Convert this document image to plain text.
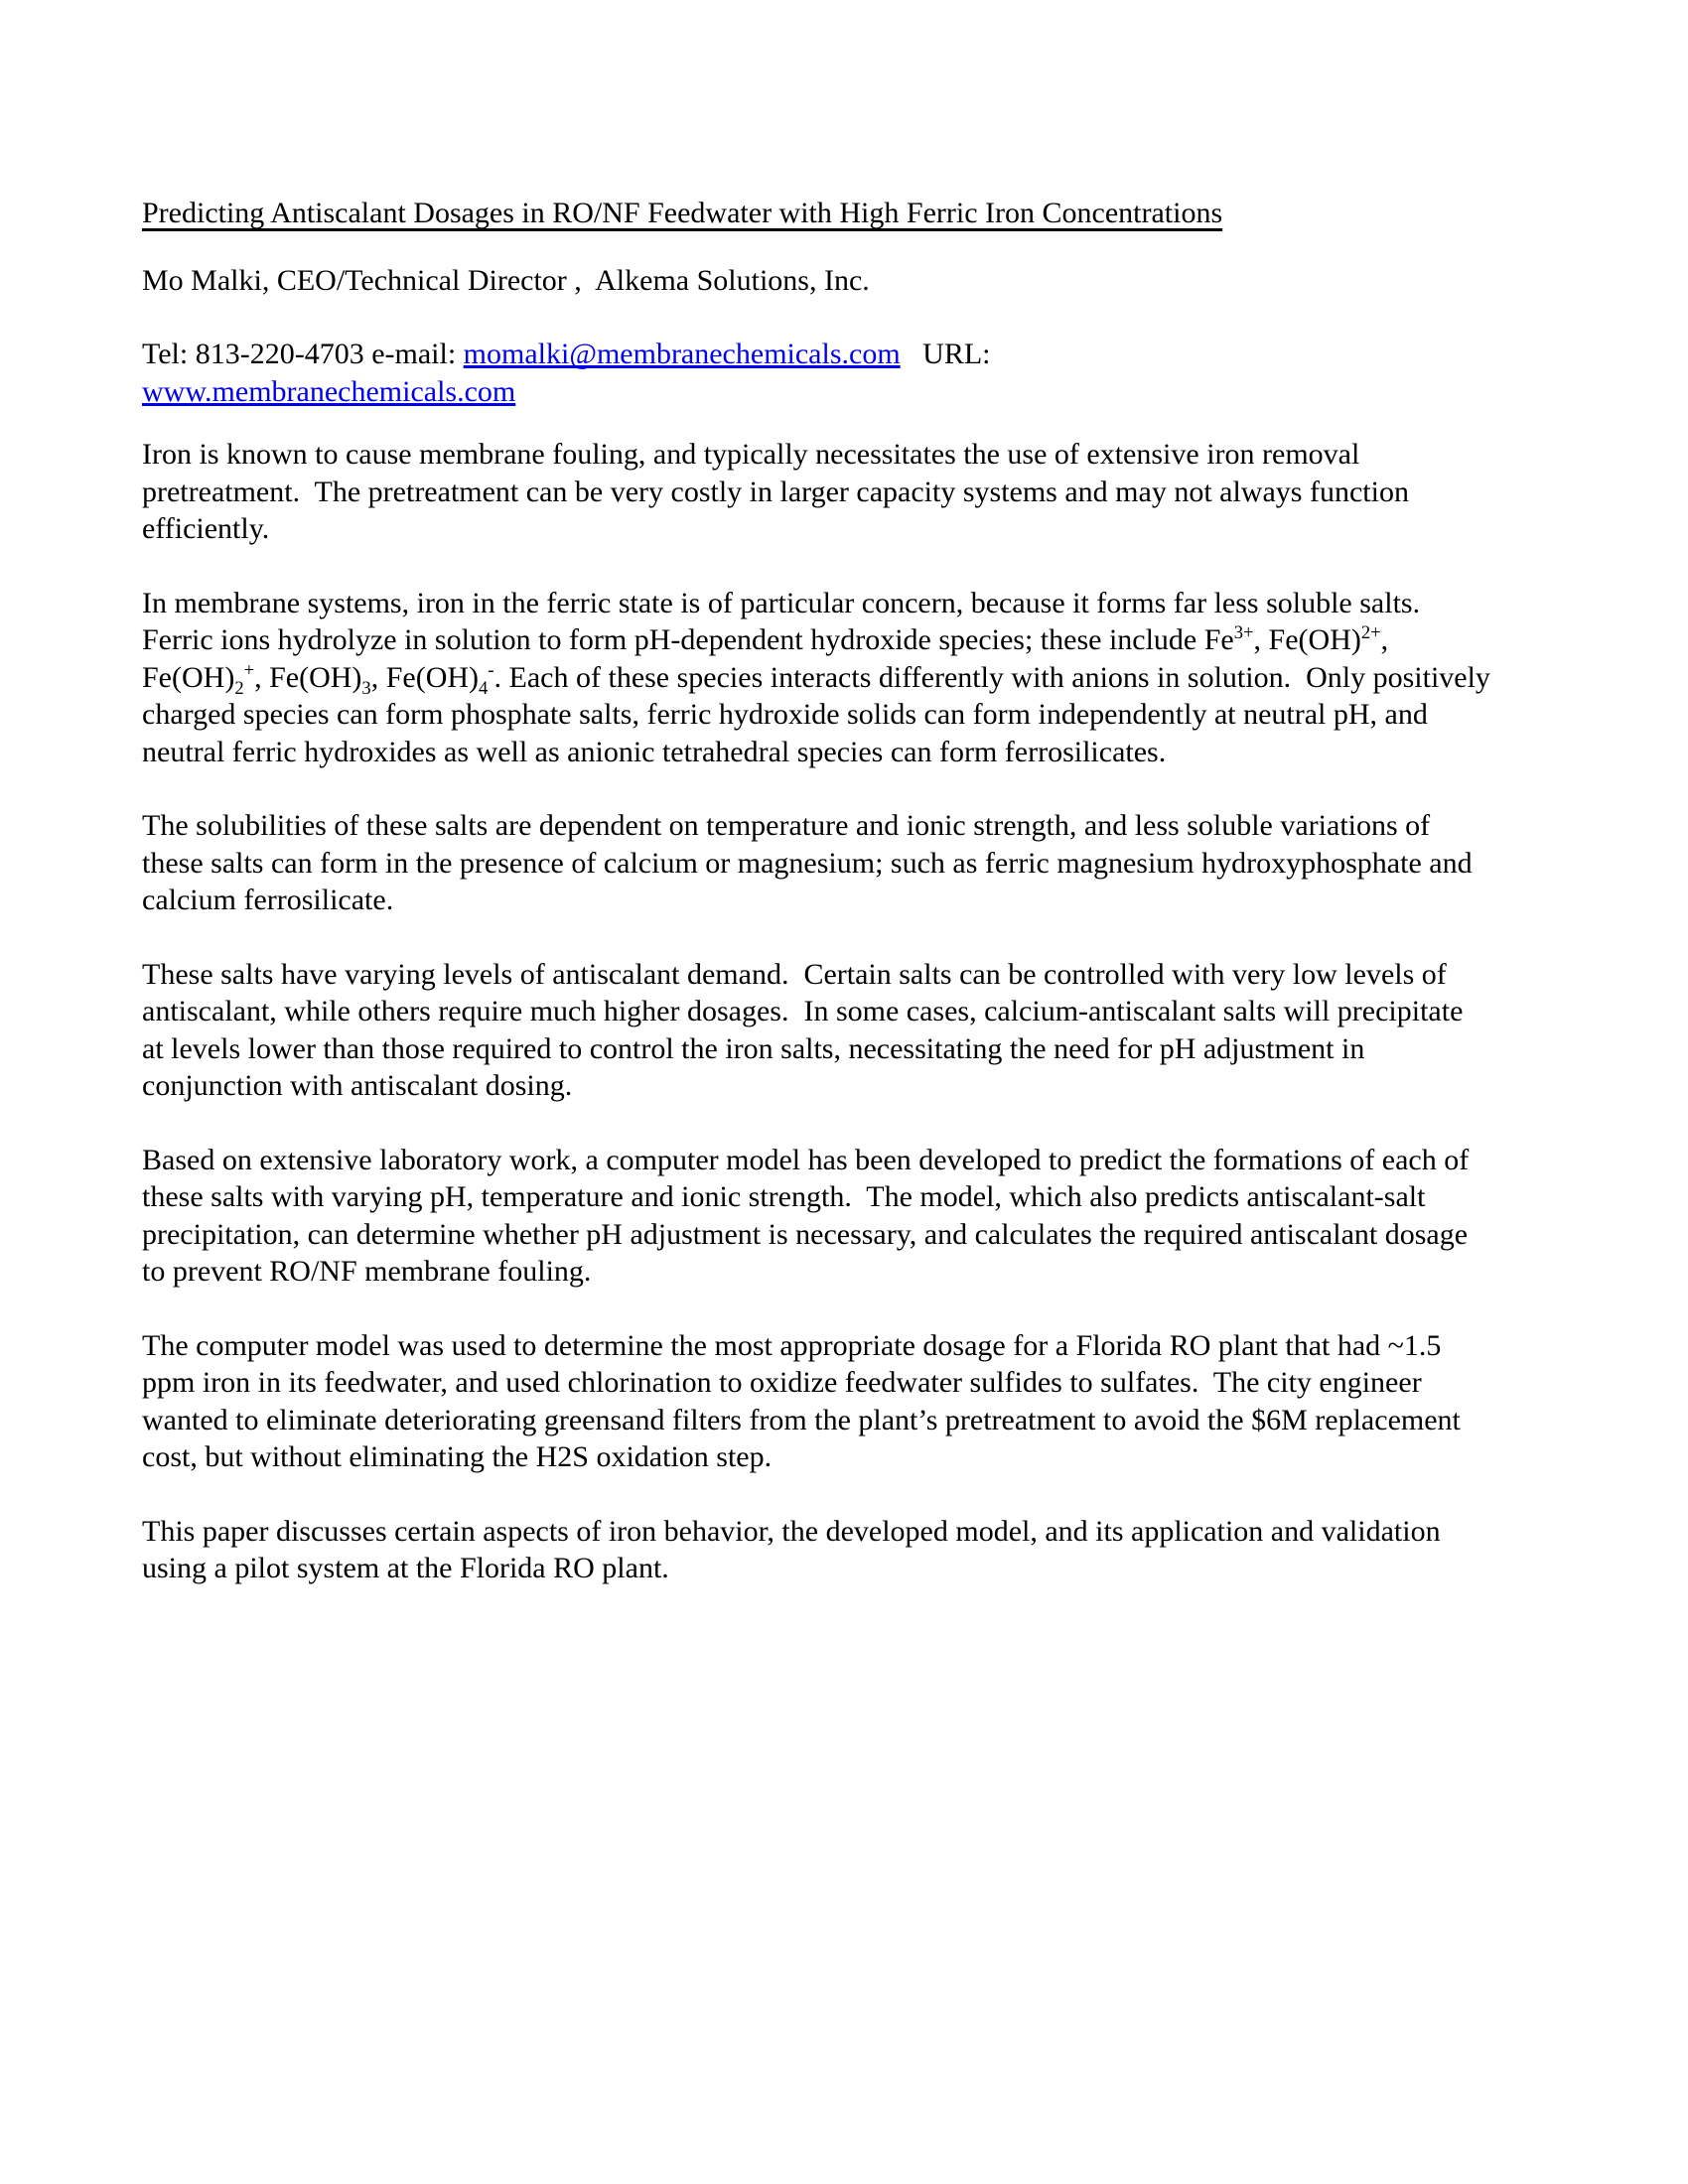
Predicting Antiscalant Dosages in RO/NF Feedwater with High Ferric Iron Concentrations

Mo Malki, CEO/Technical Director ,  Alkema Solutions, Inc.

Tel: 813-220-4703 e-mail: momalki@membranechemicals.com   URL:
www.membranechemicals.com

Iron is known to cause membrane fouling, and typically necessitates the use of extensive iron removal pretreatment.  The pretreatment can be very costly in larger capacity systems and may not always function efficiently.

In membrane systems, iron in the ferric state is of particular concern, because it forms far less soluble salts.   Ferric ions hydrolyze in solution to form pH-dependent hydroxide species; these include $Fe^{3+}$, Fe(OH)$^{2+}$, $Fe(OH)_2^+$, $Fe(OH)_3$, $Fe(OH)_4^-$. Each of these species interacts differently with anions in solution.  Only positively charged species can form phosphate salts, ferric hydroxide solids can form independently at neutral pH, and neutral ferric hydroxides as well as anionic tetrahedral species can form ferrosilicates.

The solubilities of these salts are dependent on temperature and ionic strength, and less soluble variations of these salts can form in the presence of calcium or magnesium; such as ferric magnesium hydroxyphosphate and calcium ferrosilicate.

These salts have varying levels of antiscalant demand.  Certain salts can be controlled with very low levels of antiscalant, while others require much higher dosages.  In some cases, calcium-antiscalant salts will precipitate at levels lower than those required to control the iron salts, necessitating the need for pH adjustment in conjunction with antiscalant dosing.

Based on extensive laboratory work, a computer model has been developed to predict the formations of each of these salts with varying pH, temperature and ionic strength.  The model, which also predicts antiscalant-salt precipitation, can determine whether pH adjustment is necessary, and calculates the required antiscalant dosage to prevent RO/NF membrane fouling.

The computer model was used to determine the most appropriate dosage for a Florida RO plant that had ~1.5 ppm iron in its feedwater, and used chlorination to oxidize feedwater sulfides to sulfates.  The city engineer wanted to eliminate deteriorating greensand filters from the plant’s pretreatment to avoid the $6M replacement cost, but without eliminating the H2S oxidation step.

This paper discusses certain aspects of iron behavior, the developed model, and its application and validation using a pilot system at the Florida RO plant.
